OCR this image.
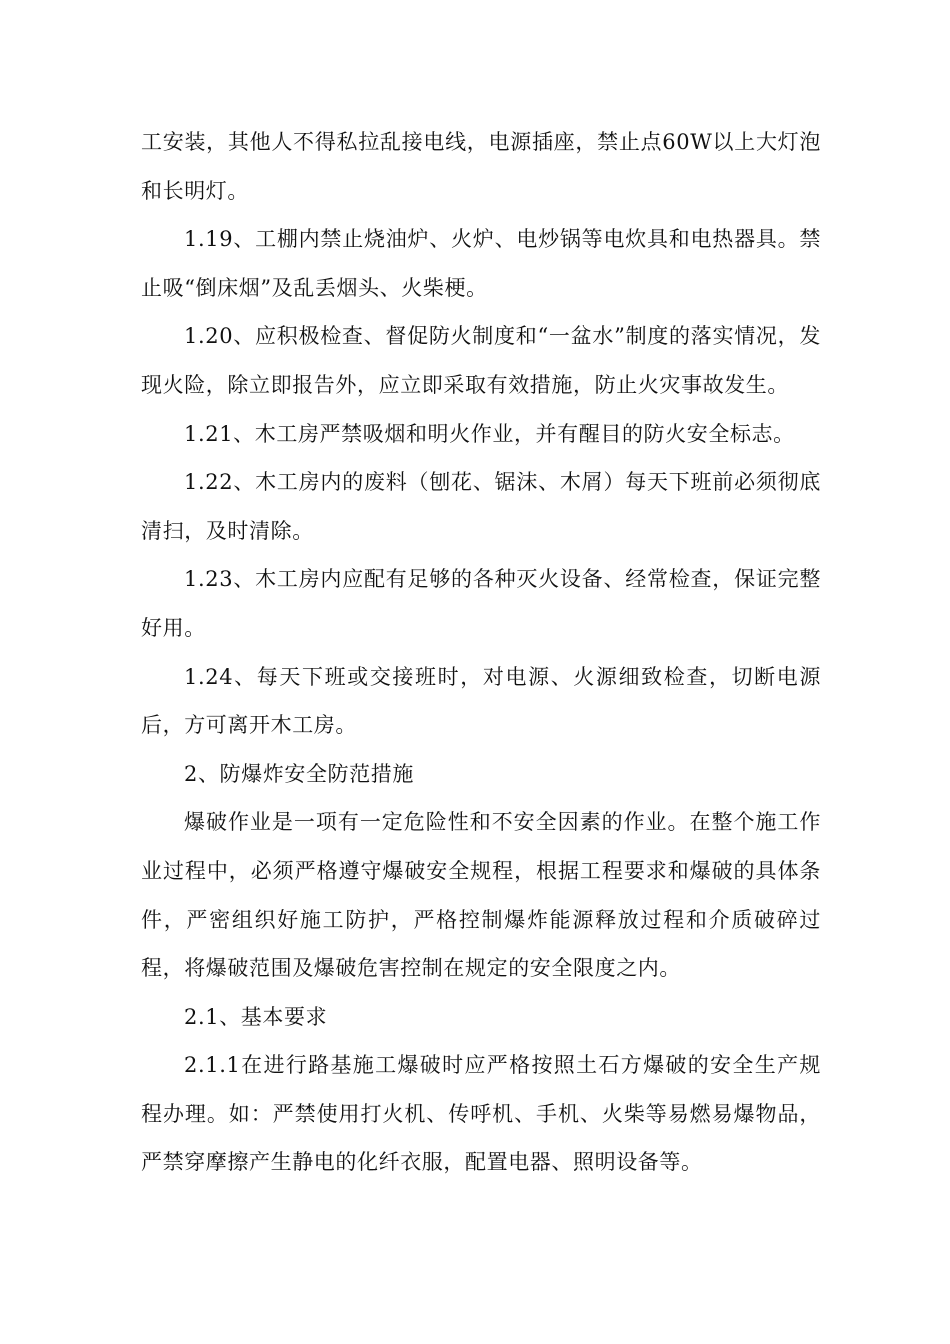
工安装，其他人不得私拉乱接电线，电源插座，禁止点60W以上大灯泡和长明灯。

1.19、工棚内禁止烧油炉、火炉、电炒锅等电炊具和电热器具。禁止吸“倒床烟”及乱丢烟头、火柴梗。

1.20、应积极检查、督促防火制度和“一盆水”制度的落实情况，发现火险，除立即报告外，应立即采取有效措施，防止火灾事故发生。

1.21、木工房严禁吸烟和明火作业，并有醒目的防火安全标志。

1.22、木工房内的废料（刨花、锯沫、木屑）每天下班前必须彻底清扫，及时清除。

1.23、木工房内应配有足够的各种灭火设备、经常检查，保证完整好用。

1.24、每天下班或交接班时，对电源、火源细致检查，切断电源后，方可离开木工房。

2、防爆炸安全防范措施

爆破作业是一项有一定危险性和不安全因素的作业。在整个施工作业过程中，必须严格遵守爆破安全规程，根据工程要求和爆破的具体条件，严密组织好施工防护，严格控制爆炸能源释放过程和介质破碎过程，将爆破范围及爆破危害控制在规定的安全限度之内。

2.1、基本要求

2.1.1在进行路基施工爆破时应严格按照土石方爆破的安全生产规程办理。如：严禁使用打火机、传呼机、手机、火柴等易燃易爆物品，严禁穿摩擦产生静电的化纤衣服，配置电器、照明设备等。
